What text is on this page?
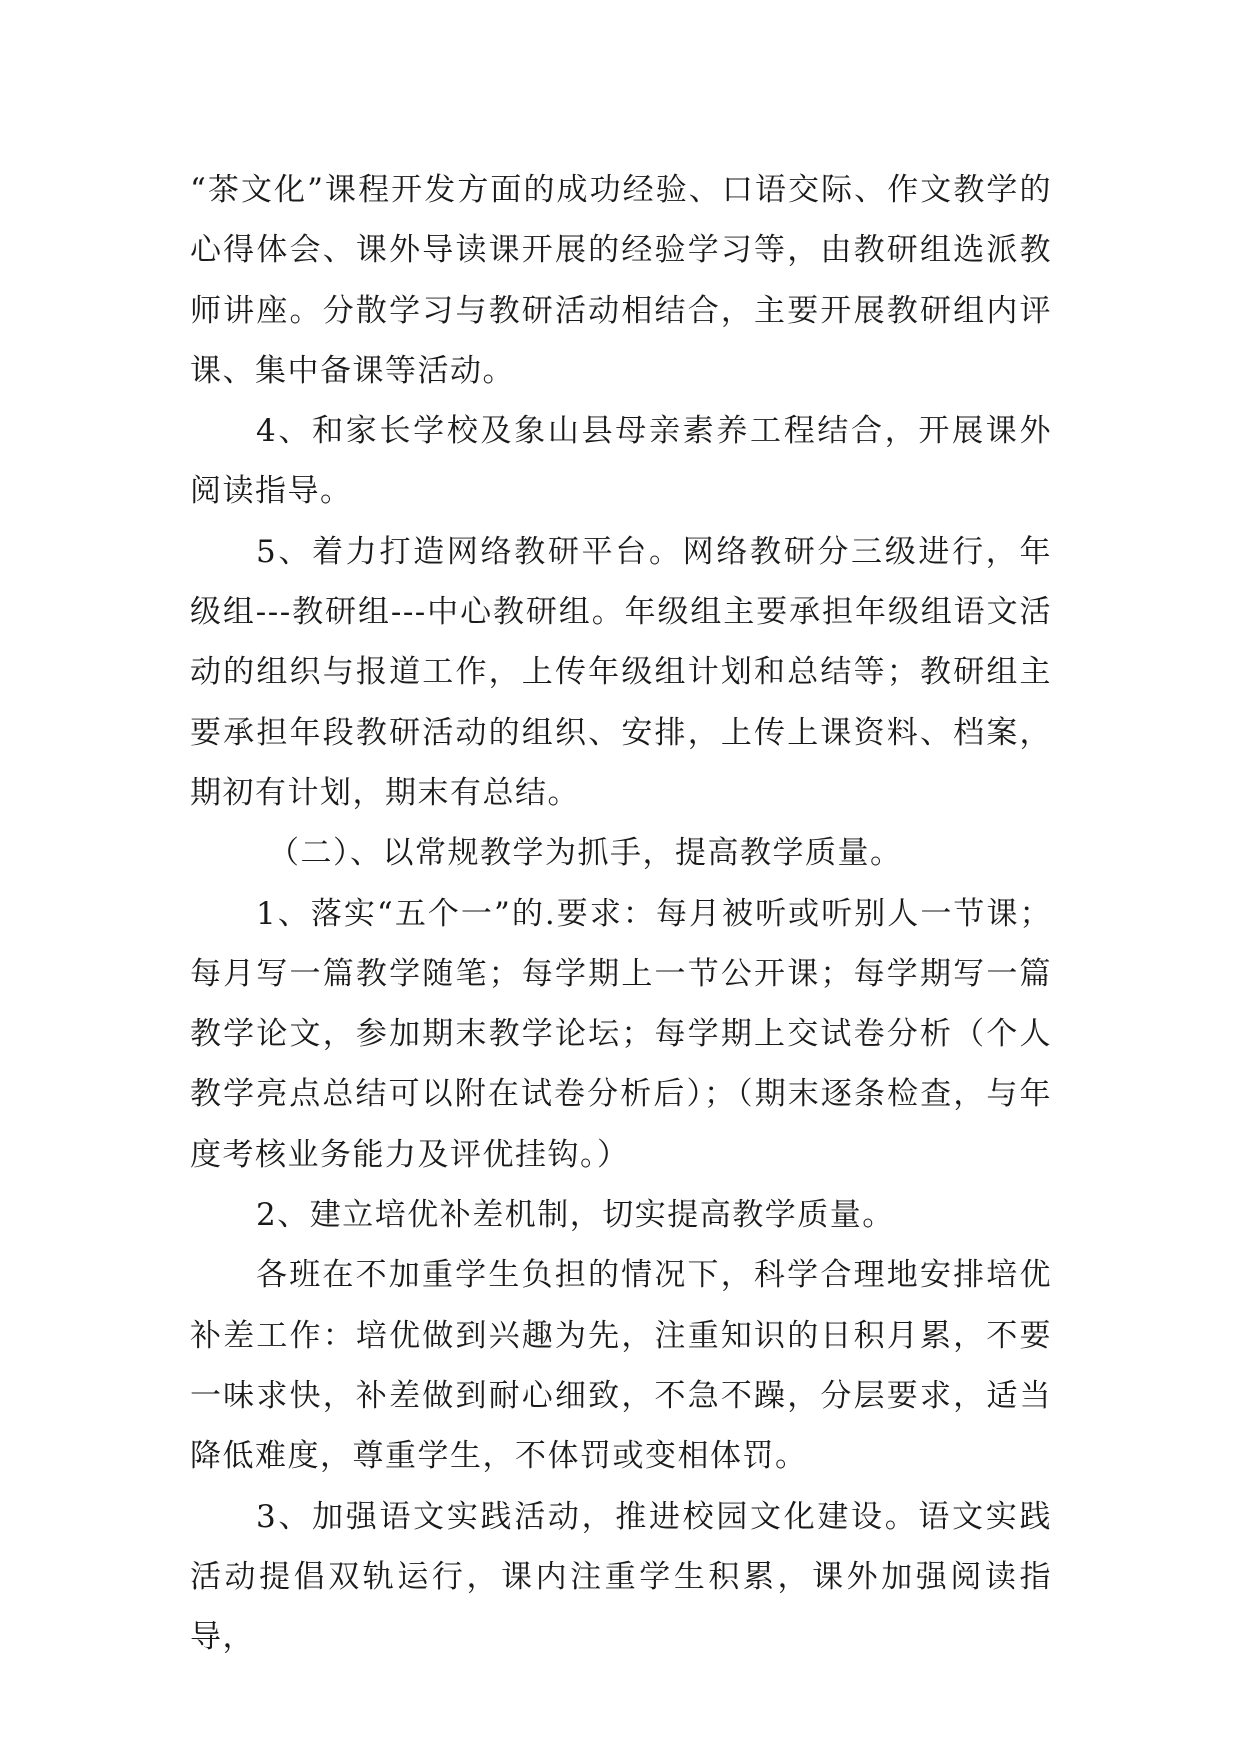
“茶文化”课程开发方面的成功经验、口语交际、作文教学的心得体会、课外导读课开展的经验学习等，由教研组选派教师讲座。分散学习与教研活动相结合，主要开展教研组内评课、集中备课等活动。

4、和家长学校及象山县母亲素养工程结合，开展课外阅读指导。

5、着力打造网络教研平台。网络教研分三级进行，年级组---教研组---中心教研组。年级组主要承担年级组语文活动的组织与报道工作，上传年级组计划和总结等；教研组主要承担年段教研活动的组织、安排，上传上课资料、档案，期初有计划，期末有总结。

（二）、以常规教学为抓手，提高教学质量。

1、落实“五个一”的.要求：每月被听或听别人一节课；每月写一篇教学随笔；每学期上一节公开课；每学期写一篇教学论文，参加期末教学论坛；每学期上交试卷分析（个人教学亮点总结可以附在试卷分析后）；（期末逐条检查，与年度考核业务能力及评优挂钩。）

2、建立培优补差机制，切实提高教学质量。

各班在不加重学生负担的情况下，科学合理地安排培优补差工作：培优做到兴趣为先，注重知识的日积月累，不要一味求快，补差做到耐心细致，不急不躁，分层要求，适当降低难度，尊重学生，不体罚或变相体罚。

3、加强语文实践活动，推进校园文化建设。语文实践活动提倡双轨运行，课内注重学生积累，课外加强阅读指导，
